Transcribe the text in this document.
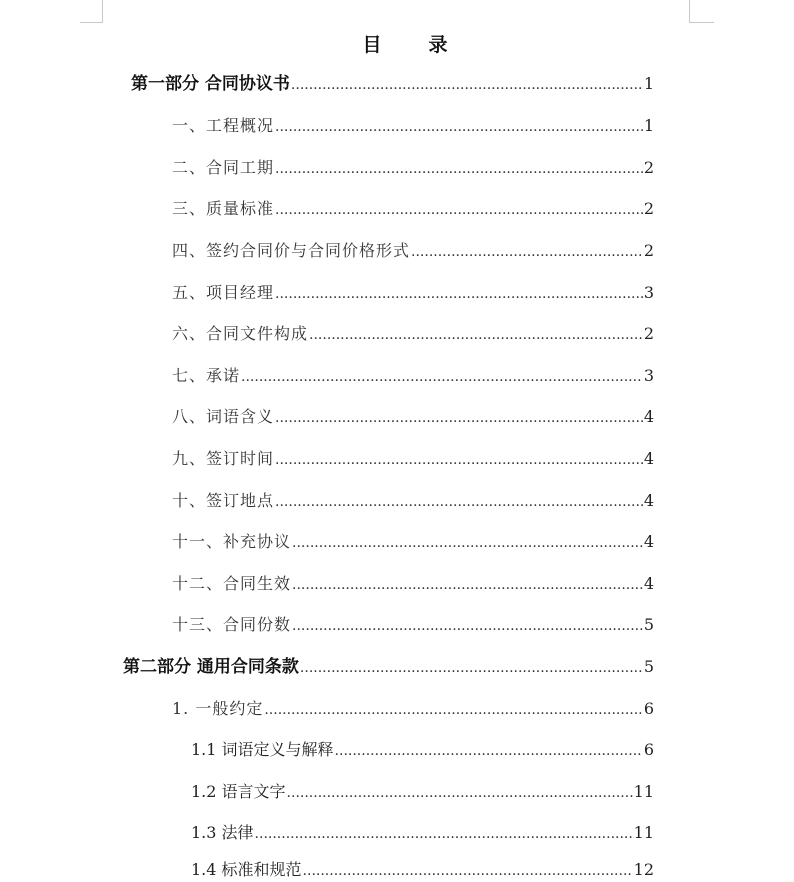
目　录
第一部分 合同协议书 .....	1
一、工程概况 .....	1
二、合同工期 .....	2
三、质量标准 .....	2
四、签约合同价与合同价格形式 .....	2
五、项目经理 .....	3
六、合同文件构成 .....	2
七、承诺 .....	3
八、词语含义 .....	4
九、签订时间 .....	4
十、签订地点 .....	4
十一、补充协议 .....	4
十二、合同生效 .....	4
十三、合同份数 .....	5
第二部分 通用合同条款 .....	5
1. 一般约定 .....	6
1.1 词语定义与解释 .....	6
1.2 语言文字 .....	11
1.3 法律 .....	11
1.4 标准和规范 .....	12
